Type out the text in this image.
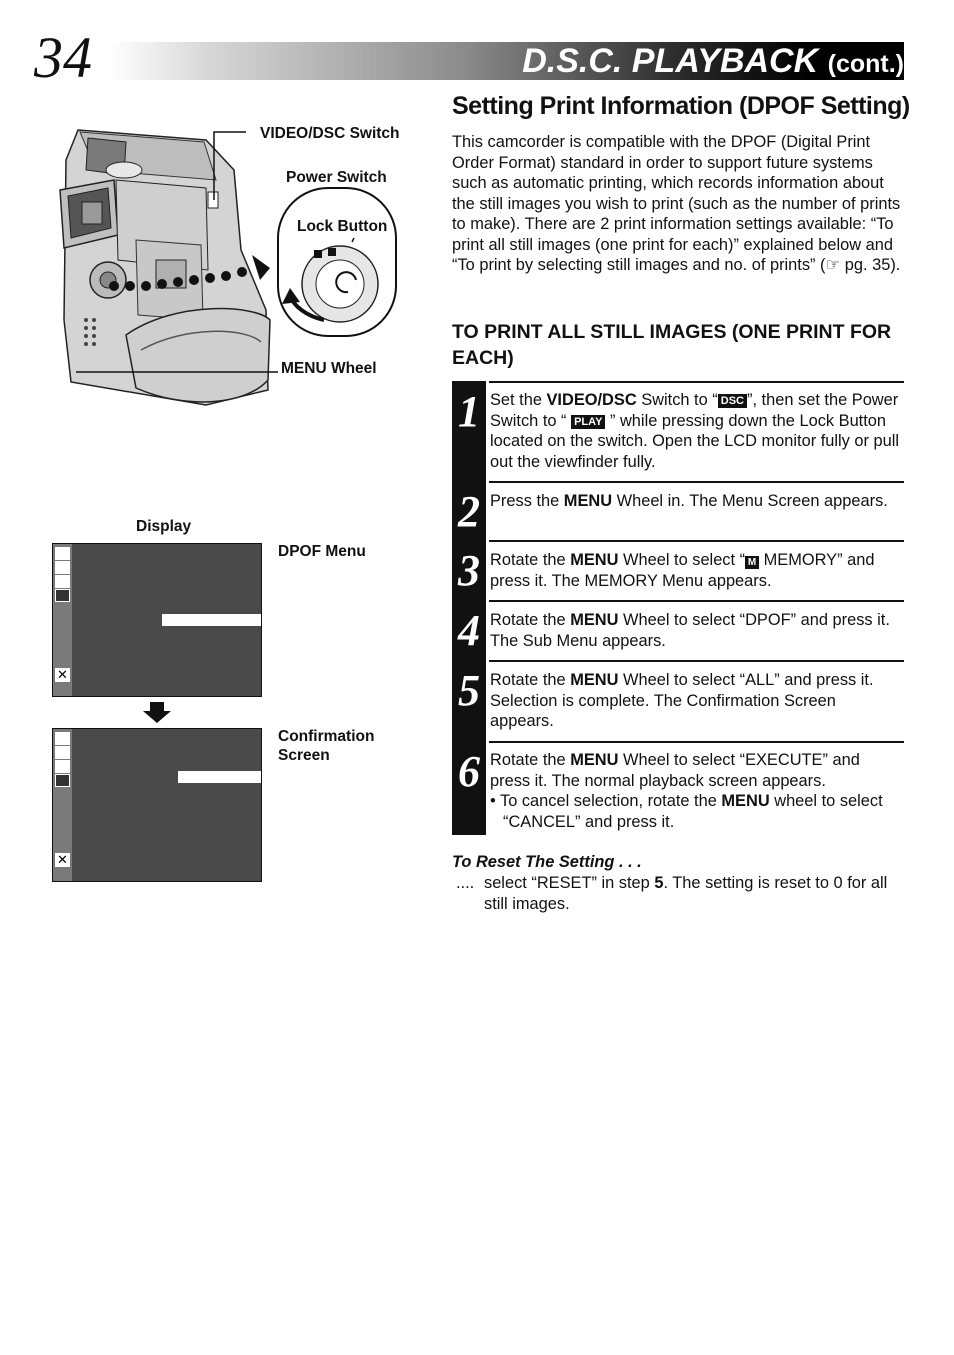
34	D.S.C. PLAYBACK (cont.)
VIDEO/DSC Switch
Power Switch
Lock Button
MENU Wheel
Display
DPOF Menu
✕
Confirmation
Screen
✕
Setting Print Information (DPOF Setting)
This camcorder is compatible with the DPOF (Digital Print Order Format) standard in order to support future systems such as automatic printing, which records information about the still images you wish to print (such as the number of prints to make). There are 2 print information settings available: “To print all still images (one print for each)” explained below and “To print by selecting still images and no. of prints” (☞ pg. 35).
TO PRINT ALL STILL IMAGES (ONE PRINT FOR EACH)
1
2
3
4
5
6
Set the VIDEO/DSC Switch to “ DSC ”, then set the Power Switch to “ PLAY ” while pressing down the Lock Button located on the switch. Open the LCD monitor fully or pull out the viewfinder fully.
Press the MENU Wheel in. The Menu Screen appears.
Rotate the MENU Wheel to select “ M MEMORY” and press it. The MEMORY Menu appears.
Rotate the MENU Wheel to select “DPOF” and press it. The Sub Menu appears.
Rotate the MENU Wheel to select “ALL” and press it. Selection is complete. The Confirmation Screen appears.
Rotate the MENU Wheel to select “EXECUTE” and press it. The normal playback screen appears.
• To cancel selection, rotate the MENU wheel to select “CANCEL” and press it.
To Reset The Setting . . .
.... select “RESET” in step 5. The setting is reset to 0 for all still images.
